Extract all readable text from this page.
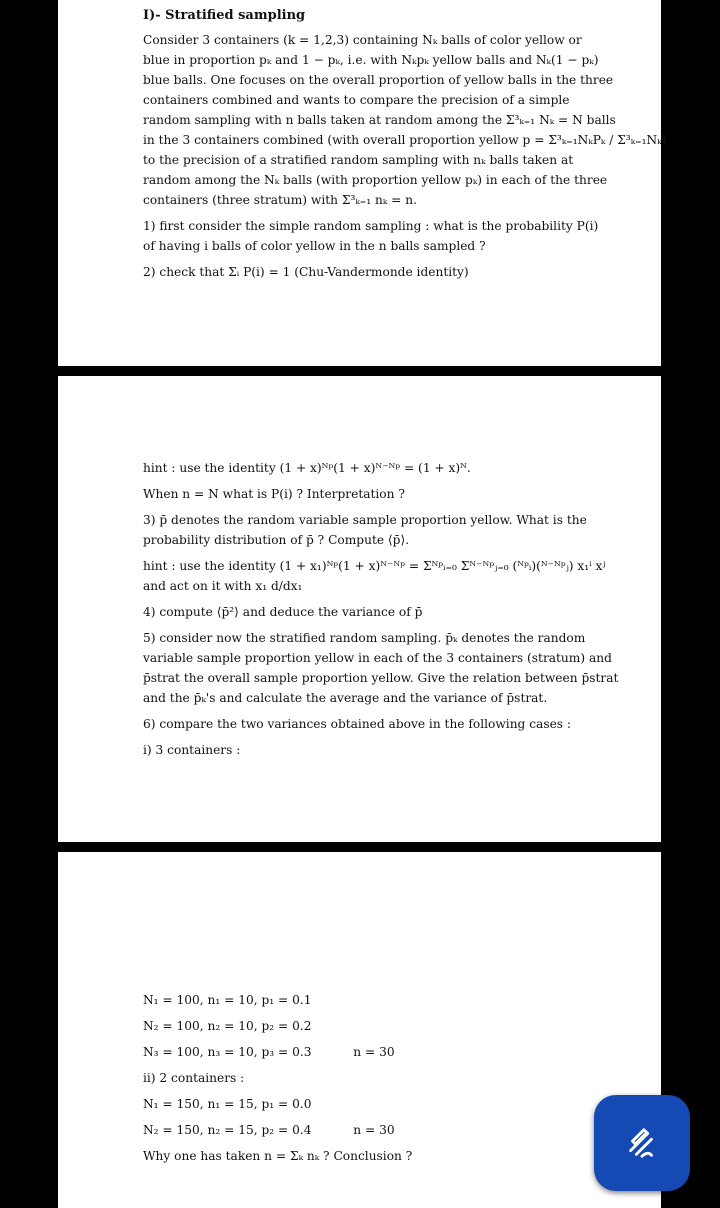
I)- Stratified sampling

Consider 3 containers (k = 1,2,3) containing Nₖ balls of color yellow or

blue in proportion pₖ and 1 − pₖ, i.e. with Nₖpₖ yellow balls and Nₖ(1 − pₖ)

blue balls. One focuses on the overall proportion of yellow balls in the three

containers combined and wants to compare the precision of a simple

random sampling with n balls taken at random among the Σ³ₖ₌₁ Nₖ = N balls

in the 3 containers combined (with overall proportion yellow p = Σ³ₖ₌₁NₖPₖ / Σ³ₖ₌₁Nₖ)

to the precision of a stratified random sampling with nₖ balls taken at

random among the Nₖ balls (with proportion yellow pₖ) in each of the three

containers (three stratum) with Σ³ₖ₌₁ nₖ = n.

1) first consider the simple random sampling : what is the probability P(i)

of having i balls of color yellow in the n balls sampled ?

2) check that Σᵢ P(i) = 1 (Chu-Vandermonde identity)

hint : use the identity (1 + x)ᴺᵖ(1 + x)ᴺ⁻ᴺᵖ = (1 + x)ᴺ.

When n = N what is P(i) ? Interpretation ?

3) p̄ denotes the random variable sample proportion yellow. What is the

probability distribution of p̄ ? Compute ⟨p̄⟩.

hint : use the identity (1 + x₁)ᴺᵖ(1 + x)ᴺ⁻ᴺᵖ = Σᴺᵖᵢ₌₀ Σᴺ⁻ᴺᵖⱼ₌₀ (ᴺᵖᵢ)(ᴺ⁻ᴺᵖⱼ) x₁ⁱ xʲ

and act on it with x₁ d/dx₁

4) compute ⟨p̄²⟩ and deduce the variance of p̄

5) consider now the stratified random sampling. p̄ₖ denotes the random

variable sample proportion yellow in each of the 3 containers (stratum) and

p̄strat the overall sample proportion yellow. Give the relation between p̄strat

and the p̄ₖ's and calculate the average and the variance of p̄strat.

6) compare the two variances obtained above in the following cases :

i) 3 containers :

N₁ = 100, n₁ = 10, p₁ = 0.1

N₂ = 100, n₂ = 10, p₂ = 0.2

N₃ = 100, n₃ = 10, p₃ = 0.3	n = 30

ii) 2 containers :

N₁ = 150, n₁ = 15, p₁ = 0.0

N₂ = 150, n₂ = 15, p₂ = 0.4	n = 30

Why one has taken n = Σₖ nₖ ? Conclusion ?
